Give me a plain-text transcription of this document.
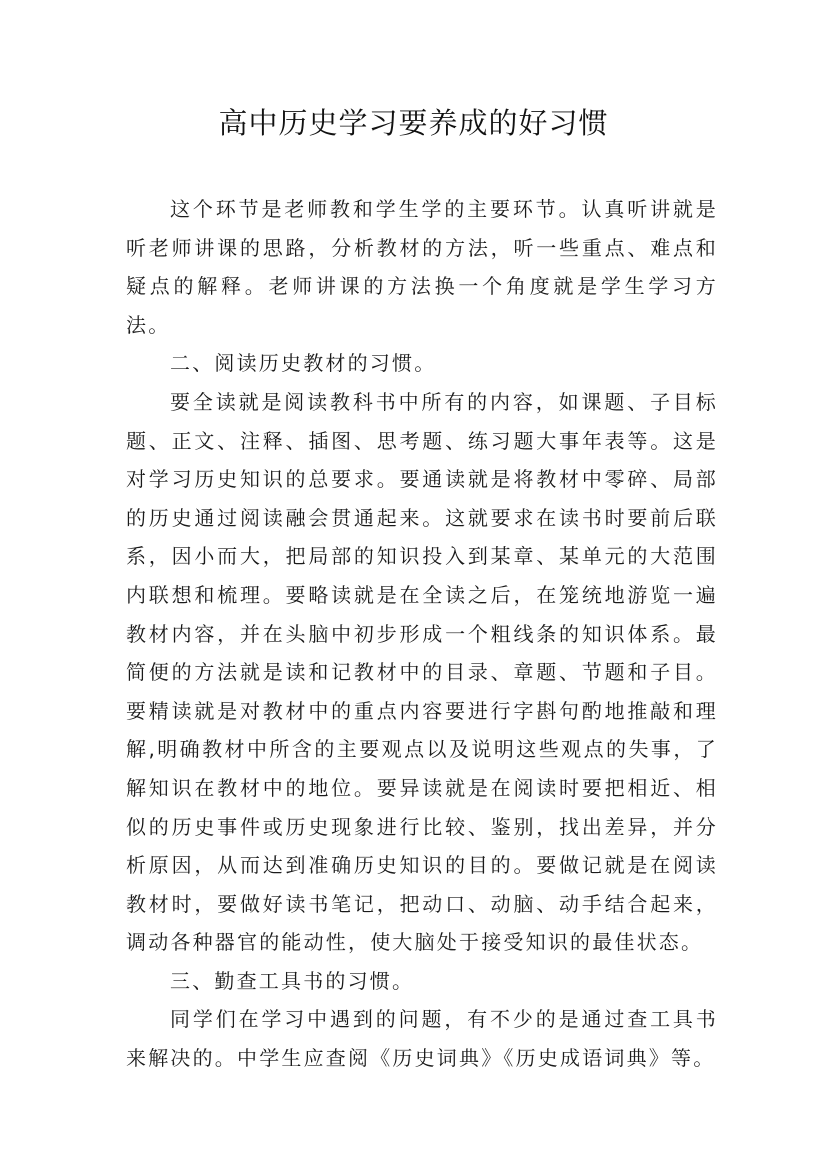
高中历史学习要养成的好习惯

这个环节是老师教和学生学的主要环节。认真听讲就是听老师讲课的思路，分析教材的方法，听一些重点、难点和疑点的解释。老师讲课的方法换一个角度就是学生学习方法。

二、阅读历史教材的习惯。

要全读就是阅读教科书中所有的内容，如课题、子目标题、正文、注释、插图、思考题、练习题大事年表等。这是对学习历史知识的总要求。要通读就是将教材中零碎、局部的历史通过阅读融会贯通起来。这就要求在读书时要前后联系，因小而大，把局部的知识投入到某章、某单元的大范围内联想和梳理。要略读就是在全读之后，在笼统地游览一遍教材内容，并在头脑中初步形成一个粗线条的知识体系。最简便的方法就是读和记教材中的目录、章题、节题和子目。要精读就是对教材中的重点内容要进行字斟句酌地推敲和理解,明确教材中所含的主要观点以及说明这些观点的失事，了解知识在教材中的地位。要异读就是在阅读时要把相近、相似的历史事件或历史现象进行比较、鉴别，找出差异，并分析原因，从而达到准确历史知识的目的。要做记就是在阅读教材时，要做好读书笔记，把动口、动脑、动手结合起来，调动各种器官的能动性，使大脑处于接受知识的最佳状态。

三、勤查工具书的习惯。

同学们在学习中遇到的问题，有不少的是通过查工具书来解决的。中学生应查阅《历史词典》《历史成语词典》等。
